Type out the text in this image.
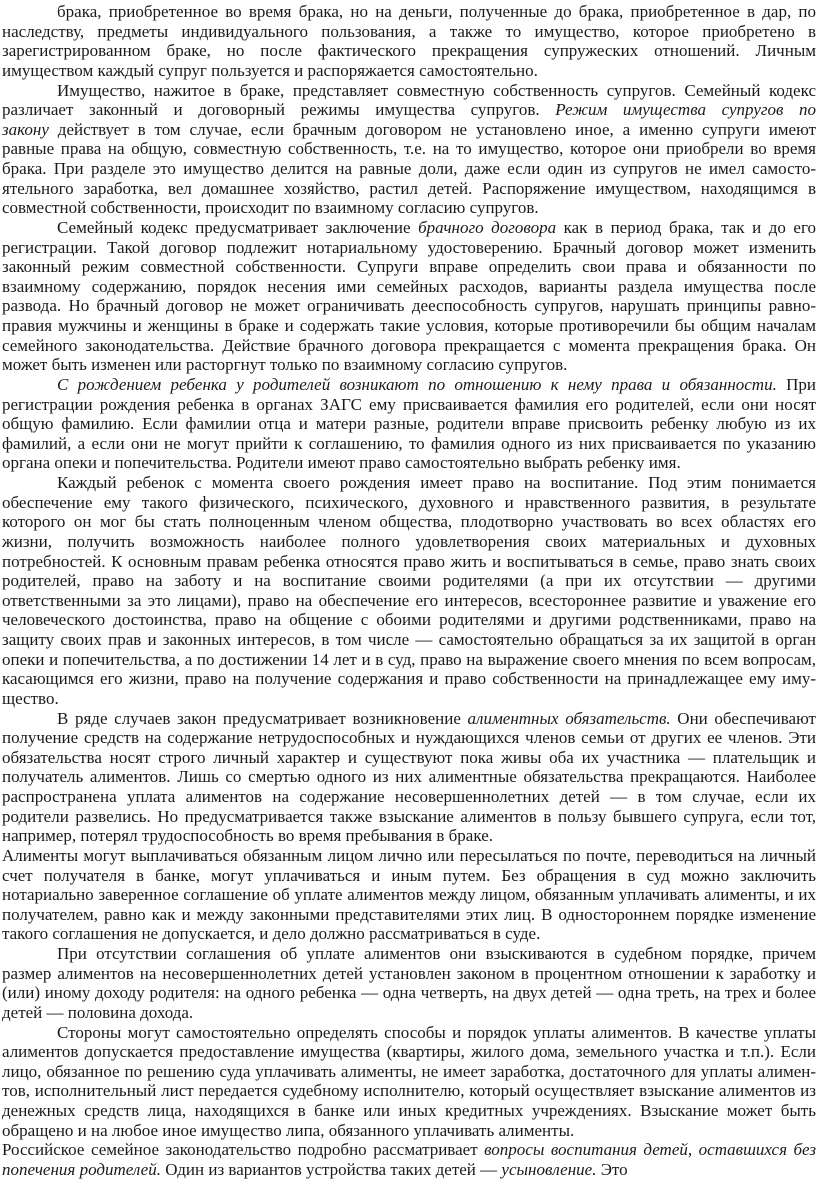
брака, приобретенное во время брака, но на деньги, полученные до брака, приобретенное в дар, по
наследству, предметы индивидуального пользования, а также то имущество, которое приобретено в
зарегистрированном браке, но после фактического прекращения супружеских отношений. Личным
имуществом каждый супруг пользуется и распоряжается самостоятельно.
Имущество, нажитое в браке, представляет совместную собственность супругов. Семейный кодекс
различает законный и договорный режимы имущества супругов. Режим имущества супругов по
закону действует в том случае, если брачным договором не установлено иное, а именно супруги имеют
равные права на общую, совместную собственность, т.е. на то имущество, которое они приобрели во время
брака. При разделе это имущество делится на равные доли, даже если один из супругов не имел самосто-
ятельного заработка, вел домашнее хозяйство, растил детей. Распоряжение имуществом, находящимся в
совместной собственности, происходит по взаимному согласию супругов.
Семейный кодекс предусматривает заключение брачного договора как в период брака, так и до его
регистрации. Такой договор подлежит нотариальному удостоверению. Брачный договор может изменить
законный режим совместной собственности. Супруги вправе определить свои права и обязанности по
взаимному содержанию, порядок несения ими семейных расходов, варианты раздела имущества после
развода. Но брачный договор не может ограничивать дееспособность супругов, нарушать принципы равно-
правия мужчины и женщины в браке и содержать такие условия, которые противоречили бы общим началам
семейного законодательства. Действие брачного договора прекращается с момента прекращения брака. Он
может быть изменен или расторгнут только по взаимному согласию супругов.
С рождением ребенка у родителей возникают по отношению к нему права и обязанности. При
регистрации рождения ребенка в органах ЗАГС ему присваивается фамилия его родителей, если они носят
общую фамилию. Если фамилии отца и матери разные, родители вправе присвоить ребенку любую из их
фамилий, а если они не могут прийти к соглашению, то фамилия одного из них присваивается по указанию
органа опеки и попечительства. Родители имеют право самостоятельно выбрать ребенку имя.
Каждый ребенок с момента своего рождения имеет право на воспитание. Под этим понимается
обеспечение ему такого физического, психического, духовного и нравственного развития, в результате
которого он мог бы стать полноценным членом общества, плодотворно участвовать во всех областях его
жизни, получить возможность наиболее полного удовлетворения своих материальных и духовных
потребностей. К основным правам ребенка относятся право жить и воспитываться в семье, право знать своих
родителей, право на заботу и на воспитание своими родителями (а при их отсутствии — другими
ответственными за это лицами), право на обеспечение его интересов, всестороннее развитие и уважение его
человеческого достоинства, право на общение с обоими родителями и другими родственниками, право на
защиту своих прав и законных интересов, в том числе — самостоятельно обращаться за их защитой в орган
опеки и попечительства, а по достижении 14 лет и в суд, право на выражение своего мнения по всем вопросам,
касающимся его жизни, право на получение содержания и право собственности на принадлежащее ему иму-
щество.
В ряде случаев закон предусматривает возникновение алиментных обязательств. Они обеспечивают
получение средств на содержание нетрудоспособных и нуждающихся членов семьи от других ее членов. Эти
обязательства носят строго личный характер и существуют пока живы оба их участника — плательщик и
получатель алиментов. Лишь со смертью одного из них алиментные обязательства прекращаются. Наиболее
распространена уплата алиментов на содержание несовершеннолетних детей — в том случае, если их
родители развелись. Но предусматривается также взыскание алиментов в пользу бывшего супруга, если тот,
например, потерял трудоспособность во время пребывания в браке.
Алименты могут выплачиваться обязанным лицом лично или пересылаться по почте, переводиться на личный
счет получателя в банке, могут уплачиваться и иным путем. Без обращения в суд можно заключить
нотариально заверенное соглашение об уплате алиментов между лицом, обязанным уплачивать алименты, и их
получателем, равно как и между законными представителями этих лиц. В одностороннем порядке изменение
такого соглашения не допускается, и дело должно рассматриваться в суде.
При отсутствии соглашения об уплате алиментов они взыскиваются в судебном порядке, причем
размер алиментов на несовершеннолетних детей установлен законом в процентном отношении к заработку и
(или) иному доходу родителя: на одного ребенка — одна четверть, на двух детей — одна треть, на трех и более
детей — половина дохода.
Стороны могут самостоятельно определять способы и порядок уплаты алиментов. В качестве уплаты
алиментов допускается предоставление имущества (квартиры, жилого дома, земельного участка и т.п.). Если
лицо, обязанное по решению суда уплачивать алименты, не имеет заработка, достаточного для уплаты алимен-
тов, исполнительный лист передается судебному исполнителю, который осуществляет взыскание алиментов из
денежных средств лица, находящихся в банке или иных кредитных учреждениях. Взыскание может быть
обращено и на любое иное имущество липа, обязанного уплачивать алименты.
Российское семейное законодательство подробно рассматривает вопросы воспитания детей, оставшихся без
попечения родителей. Один из вариантов устройства таких детей — усыновление. Это
